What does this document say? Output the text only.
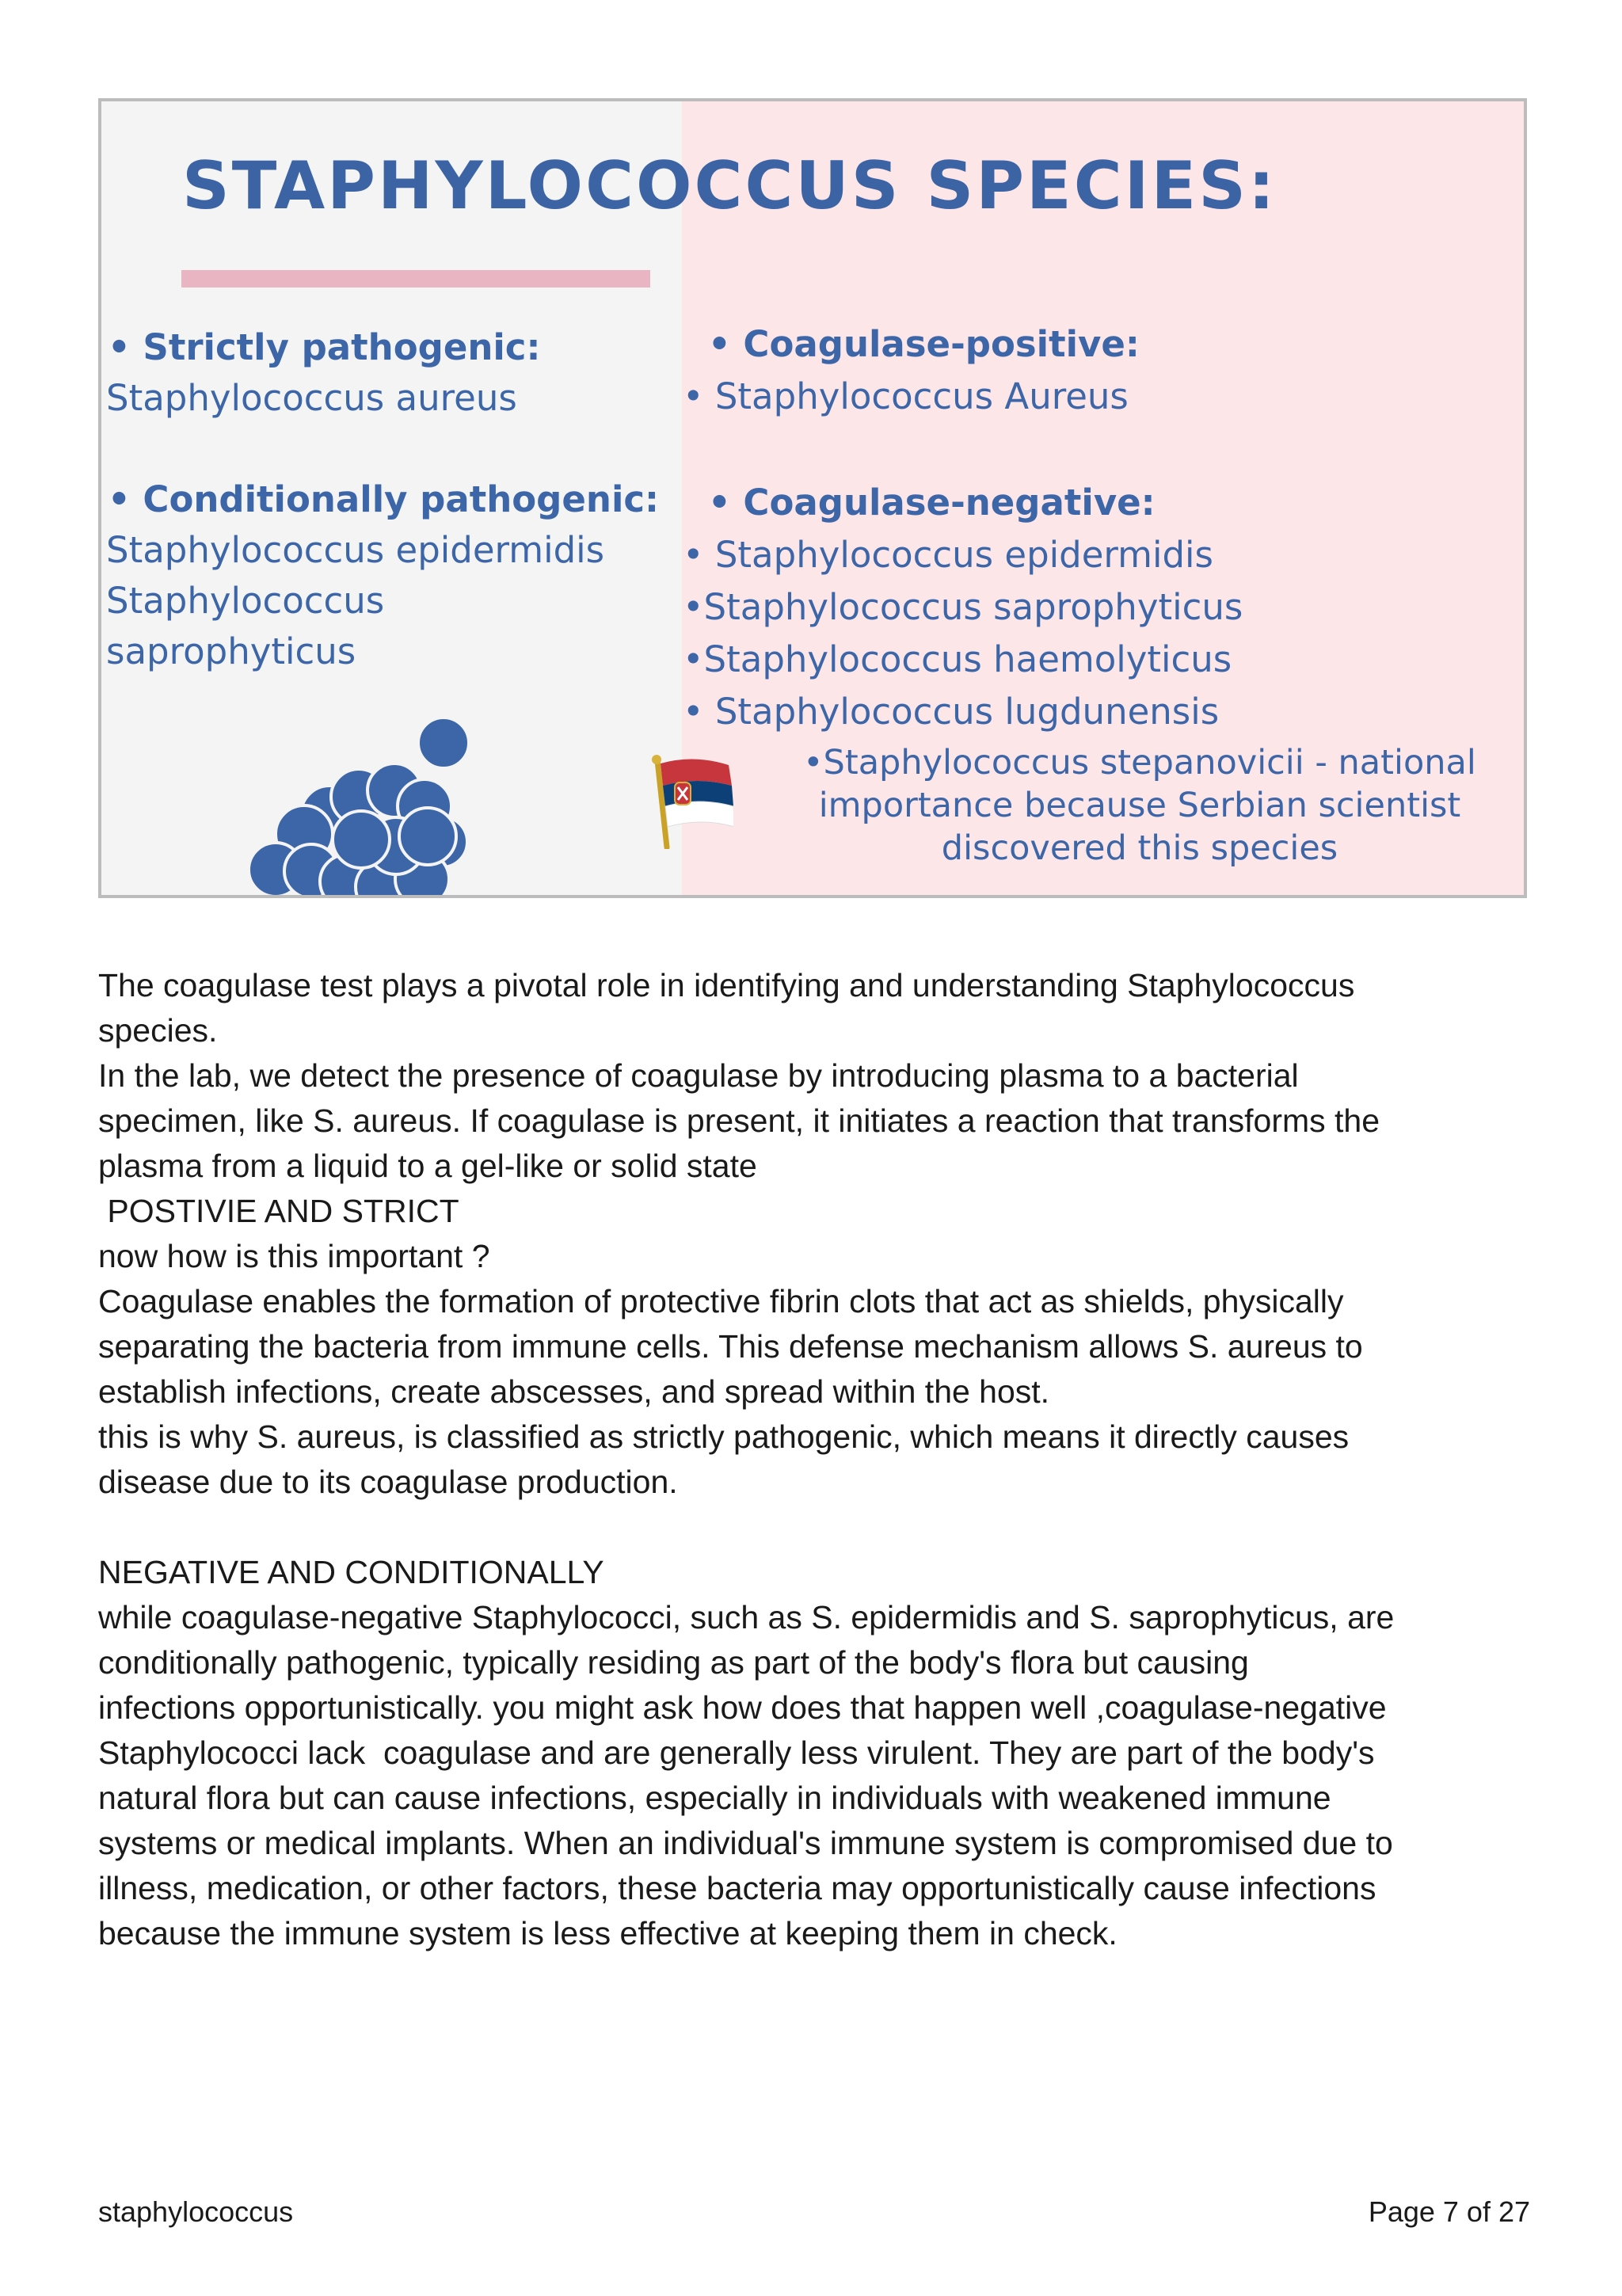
STAPHYLOCOCCUS SPECIES:
• Strictly pathogenic:
Staphylococcus aureus
• Conditionally pathogenic:
Staphylococcus epidermidis
Staphylococcus
saprophyticus
• Coagulase-positive:
• Staphylococcus Aureus
• Coagulase-negative:
• Staphylococcus epidermidis
•Staphylococcus saprophyticus
•Staphylococcus haemolyticus
• Staphylococcus lugdunensis
•Staphylococcus stepanovicii - national
importance because Serbian scientist
discovered this species

The coagulase test plays a pivotal role in identifying and understanding Staphylococcus

species.

In the lab, we detect the presence of coagulase by introducing plasma to a bacterial

specimen, like S. aureus. If coagulase is present, it initiates a reaction that transforms the

plasma from a liquid to a gel-like or solid state

POSTIVIE AND STRICT

now how is this important ?

Coagulase enables the formation of protective fibrin clots that act as shields, physically

separating the bacteria from immune cells. This defense mechanism allows S. aureus to

establish infections, create abscesses, and spread within the host.

this is why S. aureus, is classified as strictly pathogenic, which means it directly causes

disease due to its coagulase production.

NEGATIVE AND CONDITIONALLY

while coagulase-negative Staphylococci, such as S. epidermidis and S. saprophyticus, are

conditionally pathogenic, typically residing as part of the body's flora but causing

infections opportunistically. you might ask how does that happen well ,coagulase-negative

Staphylococci lack  coagulase and are generally less virulent. They are part of the body's

natural flora but can cause infections, especially in individuals with weakened immune

systems or medical implants. When an individual's immune system is compromised due to

illness, medication, or other factors, these bacteria may opportunistically cause infections

because the immune system is less effective at keeping them in check.

staphylococcus	Page 7 of 27
